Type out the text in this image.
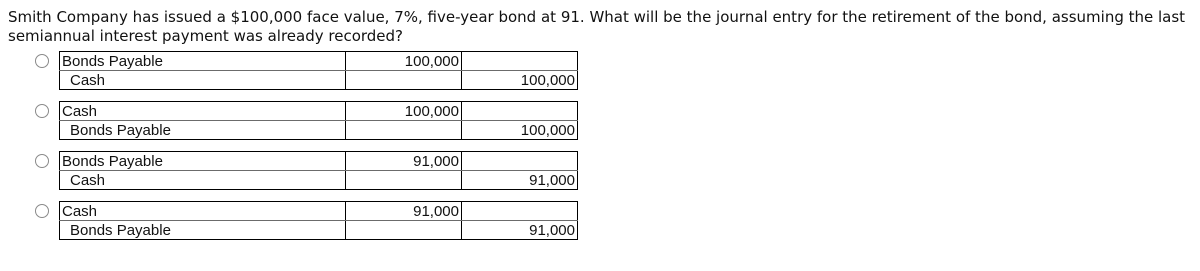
Smith Company has issued a $100,000 face value, 7%, five-year bond at 91. What will be the journal entry for the retirement of the bond, assuming the last semiannual interest payment was already recorded?

Bonds Payable	100,000	
Cash		100,000
Cash	100,000	
Bonds Payable		100,000
Bonds Payable	91,000	
Cash		91,000
Cash	91,000	
Bonds Payable		91,000
